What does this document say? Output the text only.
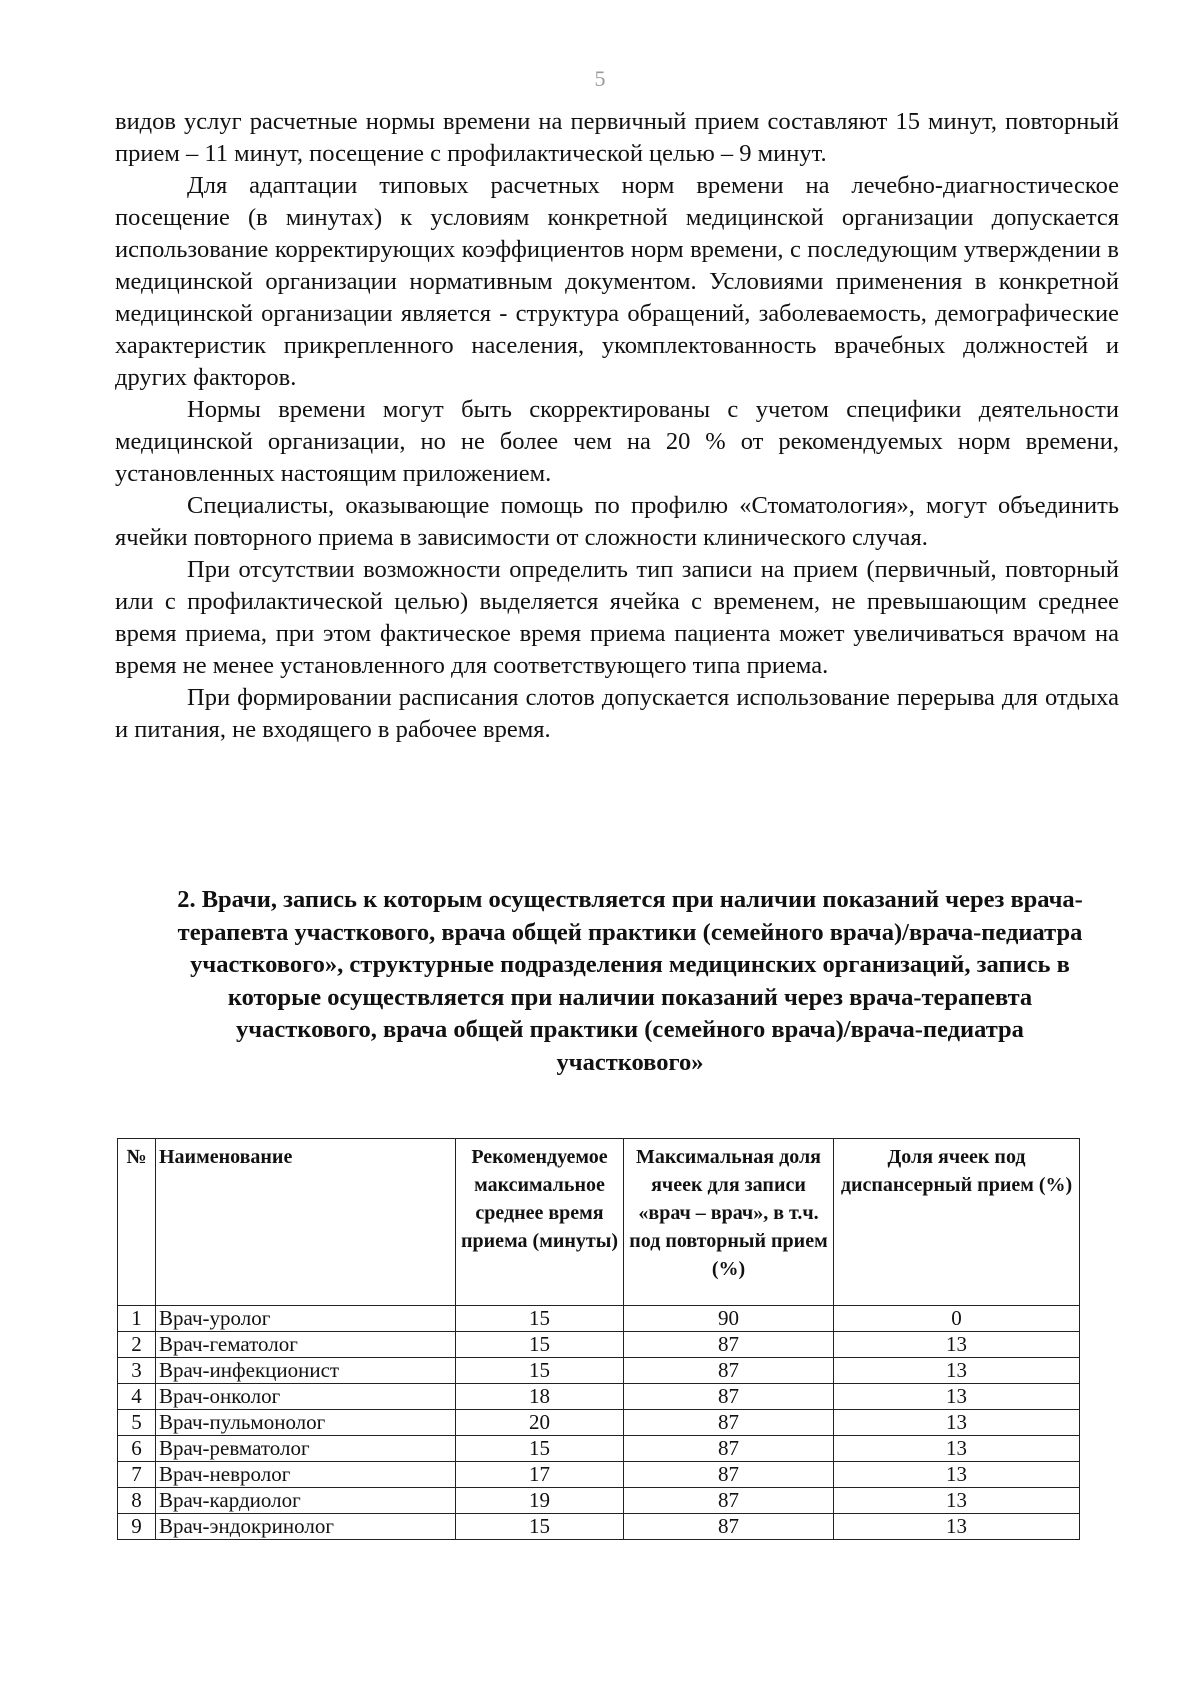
5

видов услуг расчетные нормы времени на первичный прием составляют 15 минут, повторный прием – 11 минут, посещение с профилактической целью – 9 минут.

Для адаптации типовых расчетных норм времени на лечебно-диагностическое посещение (в минутах) к условиям конкретной медицинской организации допускается использование корректирующих коэффициентов норм времени, с последующим утверждении в медицинской организации нормативным документом. Условиями применения в конкретной медицинской организации является - структура обращений, заболеваемость, демографические характеристик прикрепленного населения, укомплектованность врачебных должностей и других факторов.

Нормы времени могут быть скорректированы с учетом специфики деятельности медицинской организации, но не более чем на 20 % от рекомендуемых норм времени, установленных настоящим приложением.

Специалисты, оказывающие помощь по профилю «Стоматология», могут объединить ячейки повторного приема в зависимости от сложности клинического случая.

При отсутствии возможности определить тип записи на прием (первичный, повторный или с профилактической целью) выделяется ячейка с временем, не превышающим среднее время приема, при этом фактическое время приема пациента может увеличиваться врачом на время не менее установленного для соответствующего типа приема.

При формировании расписания слотов допускается использование перерыва для отдыха и питания, не входящего в рабочее время.

2. Врачи, запись к которым осуществляется при наличии показаний через врача-терапевта участкового, врача общей практики (семейного врача)/врача-педиатра участкового», структурные подразделения медицинских организаций, запись в которые осуществляется при наличии показаний через врача-терапевта участкового, врача общей практики (семейного врача)/врача-педиатра участкового»
№	Наименование	Рекомендуемое максимальное среднее время приема (минуты)	Максимальная доля ячеек для записи «врач – врач», в т.ч. под повторный прием (%)	Доля ячеек под диспансерный прием (%)
1	Врач-уролог	15	90	0
2	Врач-гематолог	15	87	13
3	Врач-инфекционист	15	87	13
4	Врач-онколог	18	87	13
5	Врач-пульмонолог	20	87	13
6	Врач-ревматолог	15	87	13
7	Врач-невролог	17	87	13
8	Врач-кардиолог	19	87	13
9	Врач-эндокринолог	15	87	13
